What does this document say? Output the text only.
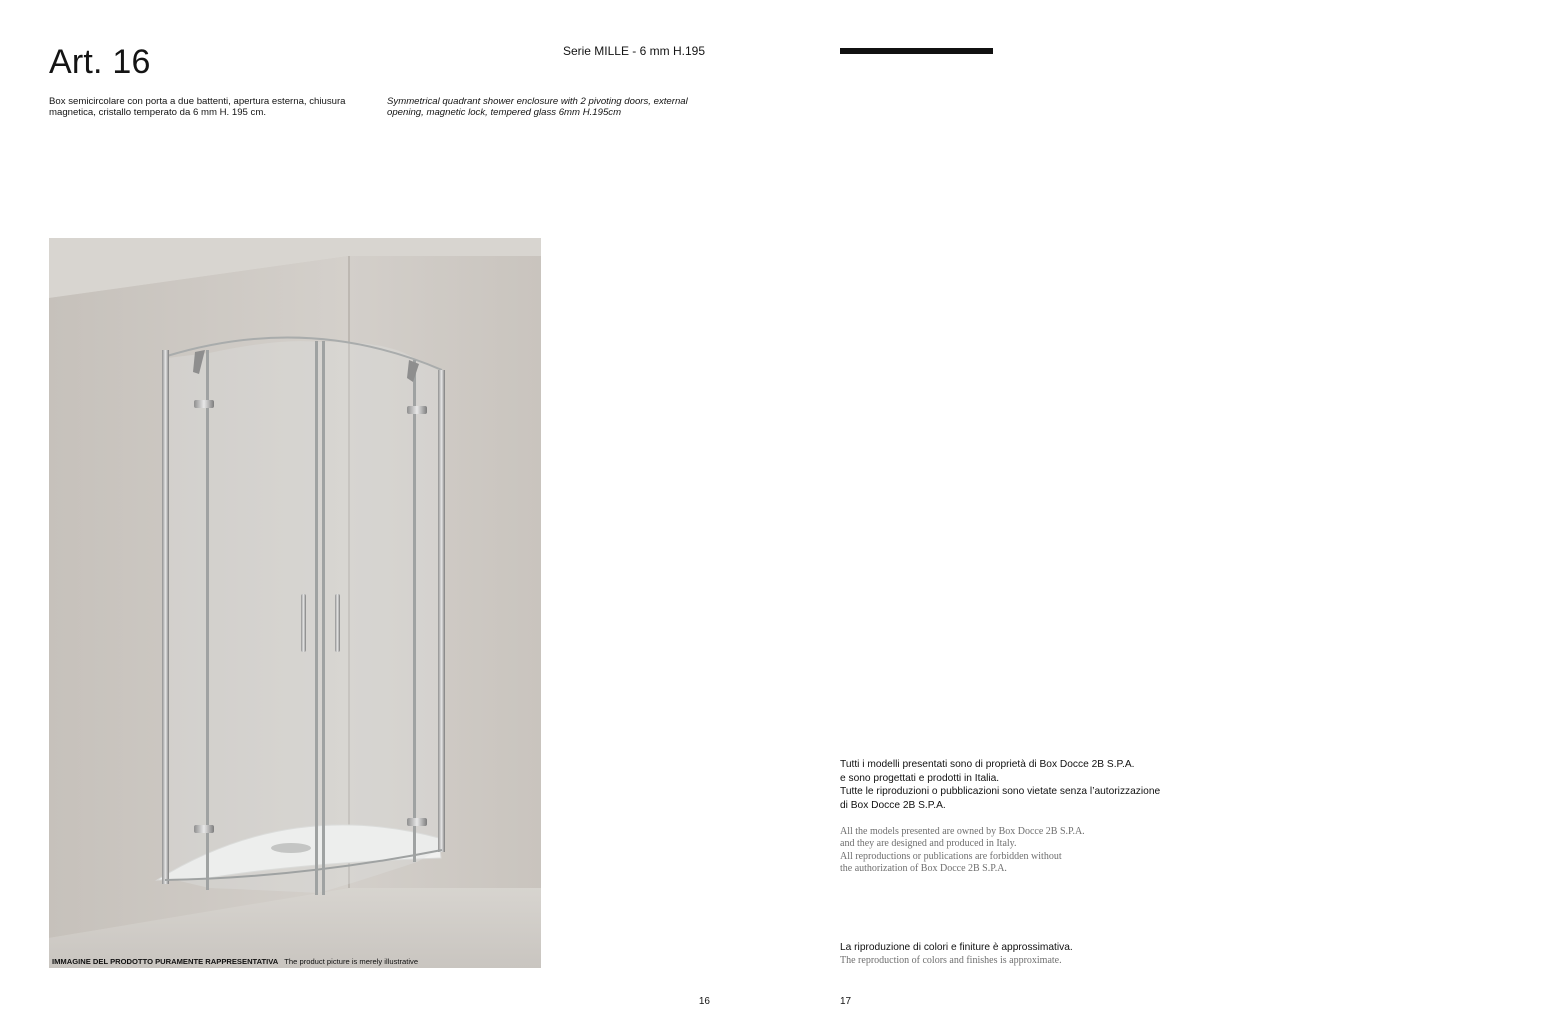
Art. 16	Serie MILLE - 6 mm H.195
Box semicircolare con porta a due battenti, apertura esterna, chiusura magnetica, cristallo temperato da 6 mm H. 195 cm.
Symmetrical quadrant shower enclosure with 2 pivoting doors, external opening, magnetic lock, tempered glass 6mm H.195cm
IMMAGINE DEL PRODOTTO PURAMENTE RAPPRESENTATIVA The product picture is merely illustrative
16
Tutti i modelli presentati sono di proprietà di Box Docce 2B S.P.A.
e sono progettati e prodotti in Italia.
Tutte le riproduzioni o pubblicazioni sono vietate senza l’autorizzazione
di Box Docce 2B S.P.A.
All the models presented are owned by Box Docce 2B S.P.A.
and they are designed and produced in Italy.
All reproductions or publications are forbidden without
the authorization of Box Docce 2B S.P.A.
La riproduzione di colori e finiture è approssimativa.
The reproduction of colors and finishes is approximate.
17
